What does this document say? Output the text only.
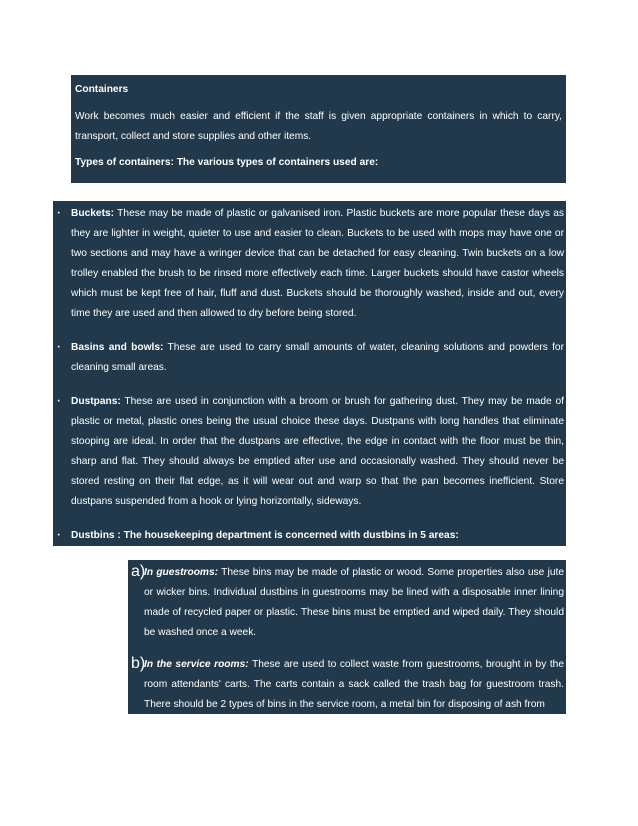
Containers

Work becomes much easier and efficient if the staff is given appropriate containers in which to carry, transport, collect and store supplies and other items.

Types of containers: The various types of containers used are:

· Buckets: These may be made of plastic or galvanised iron. Plastic buckets are more popular these days as they are lighter in weight, quieter to use and easier to clean. Buckets to be used with mops may have one or two sections and may have a wringer device that can be detached for easy cleaning. Twin buckets on a low trolley enabled the brush to be rinsed more effectively each time. Larger buckets should have castor wheels which must be kept free of hair, fluff and dust. Buckets should be thoroughly washed, inside and out, every time they are used and then allowed to dry before being stored.

· Basins and bowls: These are used to carry small amounts of water, cleaning solutions and powders for cleaning small areas.

· Dustpans: These are used in conjunction with a broom or brush for gathering dust. They may be made of plastic or metal, plastic ones being the usual choice these days. Dustpans with long handles that eliminate stooping are ideal. In order that the dustpans are effective, the edge in contact with the floor must be thin, sharp and flat. They should always be emptied after use and occasionally washed. They should never be stored resting on their flat edge, as it will wear out and warp so that the pan becomes inefficient. Store dustpans suspended from a hook or lying horizontally, sideways.

· Dustbins : The housekeeping department is concerned with dustbins in 5 areas:

a)

In guestrooms: These bins may be made of plastic or wood. Some properties also use jute or wicker bins. Individual dustbins in guestrooms may be lined with a disposable inner lining made of recycled paper or plastic. These bins must be emptied and wiped daily. They should be washed once a week.

b)

In the service rooms: These are used to collect waste from guestrooms, brought in by the room attendants' carts. The carts contain a sack called the trash bag for guestroom trash. There should be 2 types of bins in the service room, a metal bin for disposing of ash from
